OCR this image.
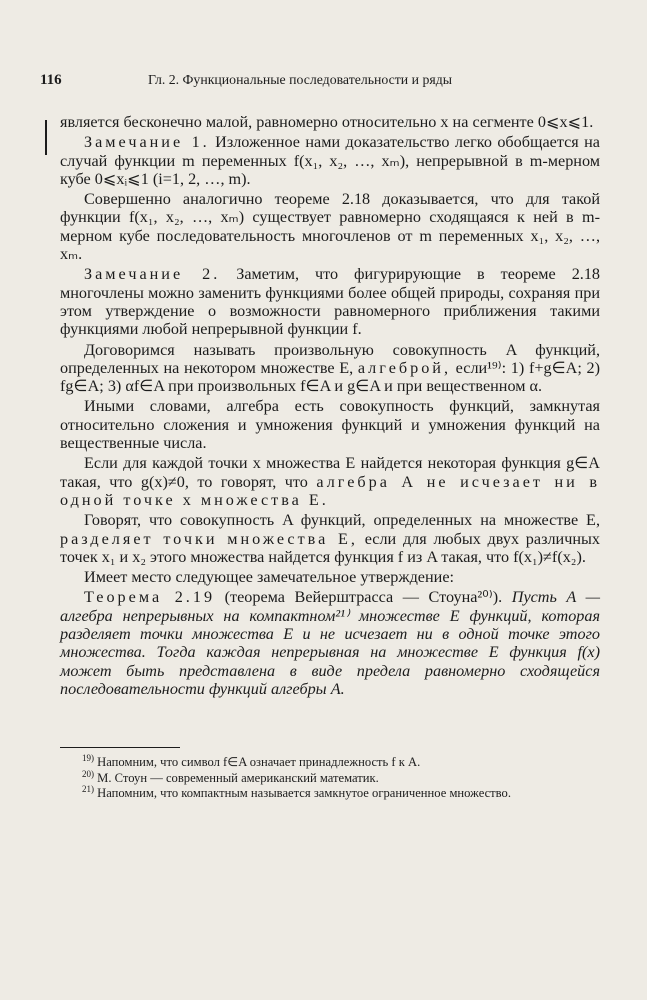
116	Гл. 2. Функциональные последовательности и ряды

является бесконечно малой, равномерно относительно x на сегменте 0⩽x⩽1.

Замечание 1. Изложенное нами доказательство легко обобщается на случай функции m переменных f(x₁, x₂, …, xₘ), непрерывной в m-мерном кубе 0⩽xᵢ⩽1 (i=1, 2, …, m).

Совершенно аналогично теореме 2.18 доказывается, что для такой функции f(x₁, x₂, …, xₘ) существует равномерно сходящаяся к ней в m-мерном кубе последовательность многочленов от m переменных x₁, x₂, …, xₘ.

Замечание 2. Заметим, что фигурирующие в теореме 2.18 многочлены можно заменить функциями более общей природы, сохраняя при этом утверждение о возможности равномерного приближения такими функциями любой непрерывной функции f.

Договоримся называть произвольную совокупность A функций, определенных на некотором множестве E, алгеброй, если¹⁹⁾: 1) f+g∈A; 2) fg∈A; 3) αf∈A при произвольных f∈A и g∈A и при вещественном α.

Иными словами, алгебра есть совокупность функций, замкнутая относительно сложения и умножения функций и умножения функций на вещественные числа.

Если для каждой точки x множества E найдется некоторая функция g∈A такая, что g(x)≠0, то говорят, что алгебра A не исчезает ни в одной точке x множества E.

Говорят, что совокупность A функций, определенных на множестве E, разделяет точки множества E, если для любых двух различных точек x₁ и x₂ этого множества найдется функция f из A такая, что f(x₁)≠f(x₂).

Имеет место следующее замечательное утверждение:

Теорема 2.19 (теорема Вейерштрасса — Стоуна²⁰⁾). Пусть A — алгебра непрерывных на компактном²¹⁾ множестве E функций, которая разделяет точки множества E и не исчезает ни в одной точке этого множества. Тогда каждая непрерывная на множестве E функция f(x) может быть представлена в виде предела равномерно сходящейся последовательности функций алгебры A.

$^{19)}$ Напомним, что символ f∈A означает принадлежность f к A.

$^{20)}$ М. Стоун — современный американский математик.

$^{21)}$ Напомним, что компактным называется замкнутое ограниченное множество.
